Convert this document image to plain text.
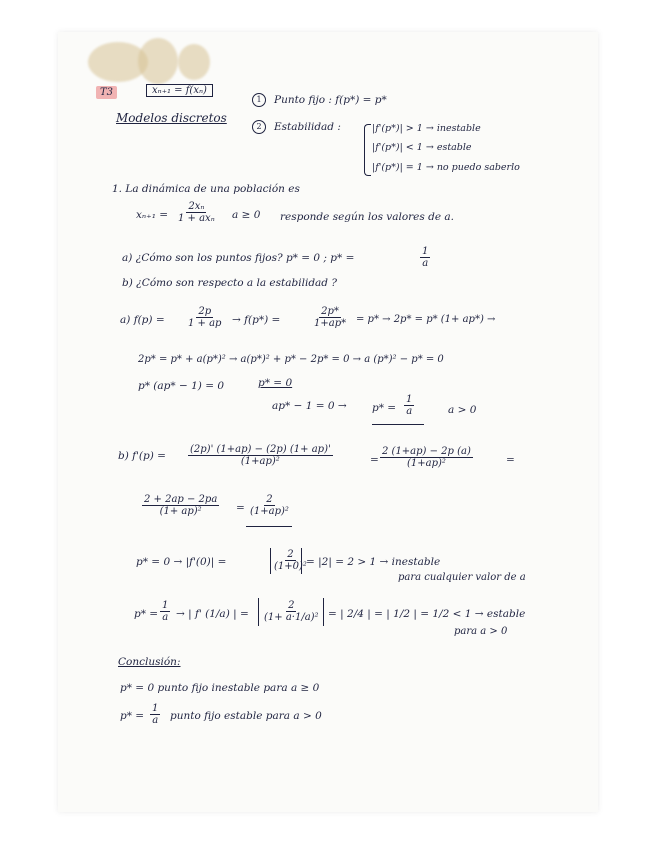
T3	xₙ₊₁ = f(xₙ)
Modelos discretos
1	Punto fijo : f(p*) = p*
2	Estabilidad :	|f'(p*)| > 1 → inestable
|f'(p*)| < 1 → estable
|f'(p*)| = 1 → no puedo saberlo
1. La dinámica de una población es
xₙ₊₁ =
2xₙ
1 + axₙ a ≥ 0 responde según los valores de a.
a) ¿Cómo son los puntos fijos? p* = 0 ; p* =	$\frac{1}{a}$
b) ¿Cómo son respecto a la estabilidad ?
a) $f(p) = \frac{2p}{1 + ap} \to f(p*)$ =	$\frac{2p*}{1+ap*} = p* \to 2p* = p*$ (1+ ap*) →
2p* = p* + a(p*)² → a(p*)² + p* − 2p* = 0 → a (p*)² − p* = 0
p* (ap* − 1) = 0	p* = 0
$ap* - 1 = 0 \to p* = \frac{1}{a}$	a > 0
b) $f'(p) = \frac{(2p)' (1+ap) - (2p) (1+ ap)'}{\text{(1+ap)²}}$	= $\frac{2 (1+ap) - 2p (a)}{\text{(1+ap)²}}$	=
$\frac{2 + 2ap - 2pa}{\text{(1+ ap)²}} = \frac{2}{\text{(1+ap)²}}$
p* = 0 → |f'(0)| =	$\frac{2}{\text{(1+0)²}}$
= |2| = 2 > 1 → inestable
para cualquier valor de a
$p* = \frac{1}{a}$ → | f' (1/a) | = $\frac{2}{\text{(1+ a·1/a)²}}$ = | 2/4 | = | 1/2 | = 1/2 < 1 → estable
para a > 0
Conclusión:
p* = 0 punto fijo inestable para a ≥ 0
$p* = \frac{1}{a}$ punto fijo estable para a > 0
